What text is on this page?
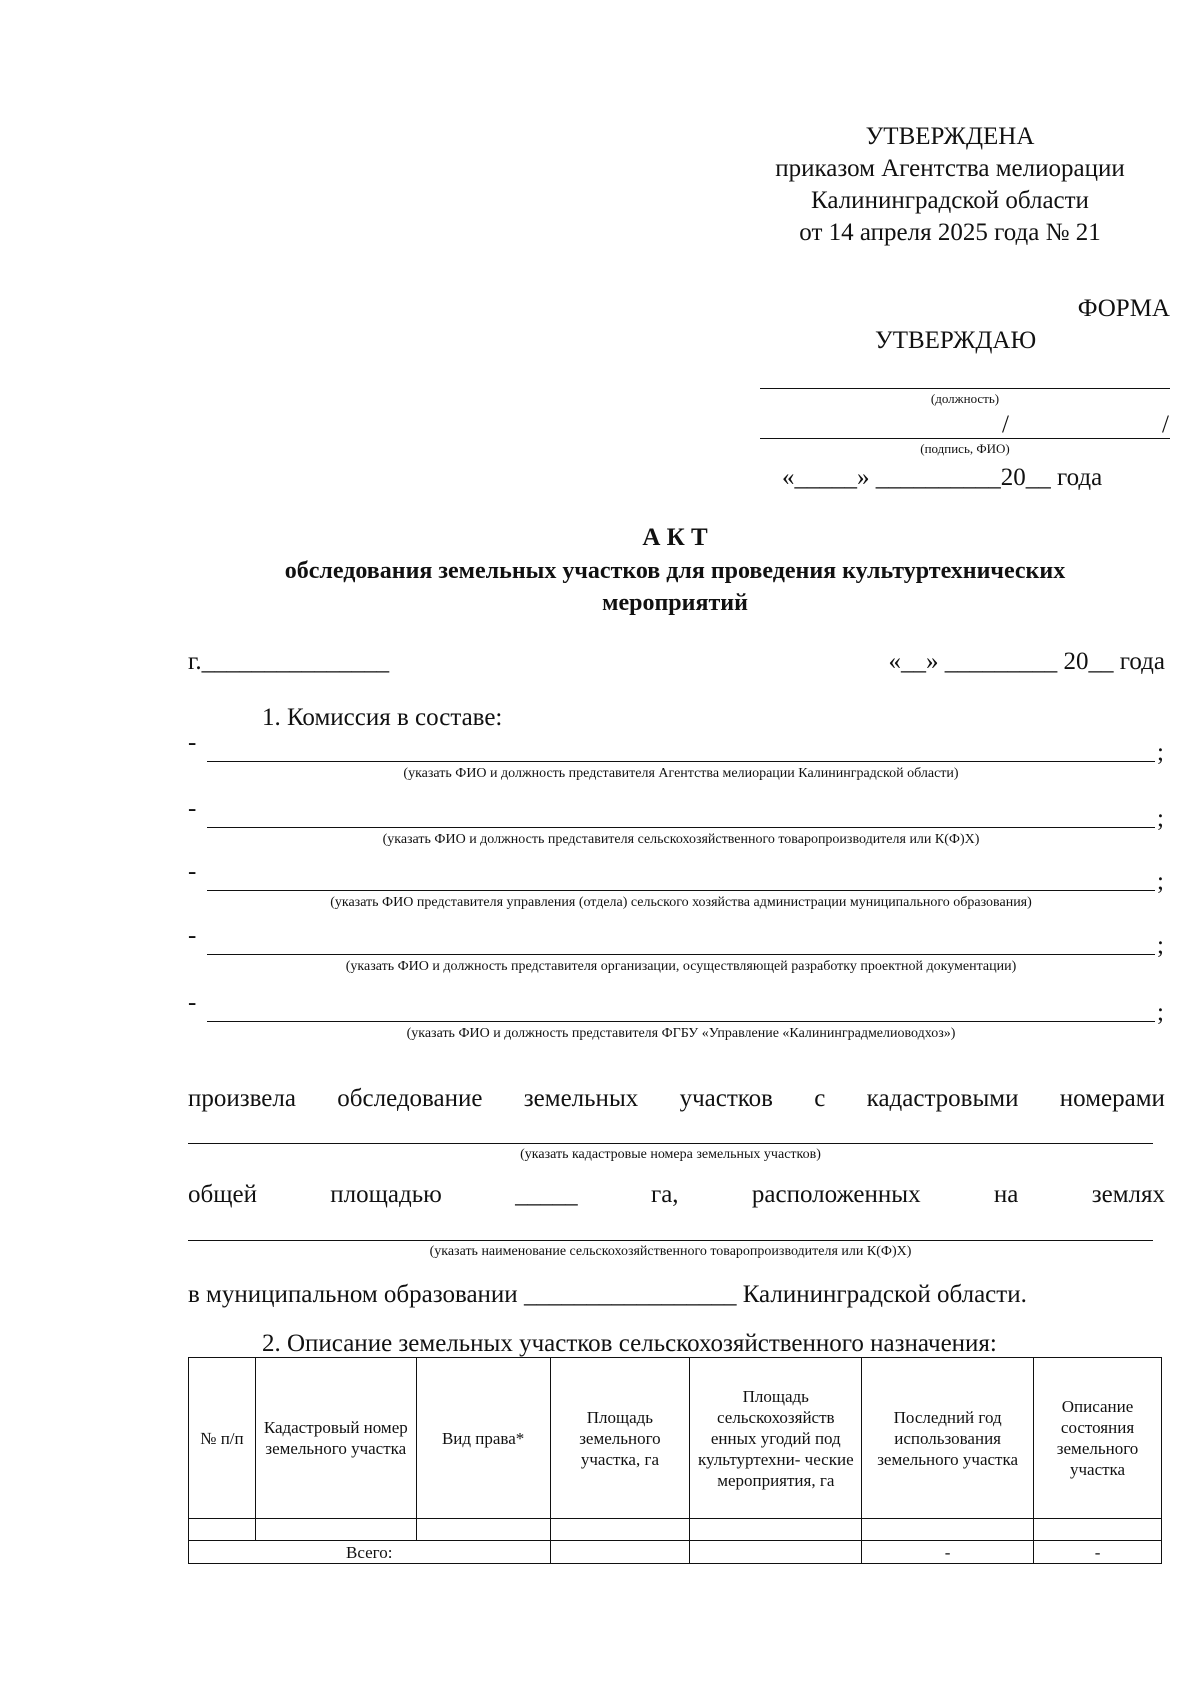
УТВЕРЖДЕНА
приказом Агентства мелиорации
Калининградской области
от 14 апреля 2025 года № 21
ФОРМА
УТВЕРЖДАЮ
(должность)
/	/
(подпись, ФИО)
«_____» __________20__ года
А К Т
обследования земельных участков для проведения культуртехнических
мероприятий
г._______________	«__» _________ 20__ года
1. Комиссия в составе:
-	;
(указать ФИО и должность представителя Агентства мелиорации Калининградской области)
-	;
(указать ФИО и должность представителя сельскохозяйственного товаропроизводителя или К(Ф)Х)
-	;
(указать ФИО представителя управления (отдела) сельского хозяйства администрации муниципального образования)
-	;
(указать ФИО и должность представителя организации, осуществляющей разработку проектной документации)
-	;
(указать ФИО и должность представителя ФГБУ «Управление «Калининградмелиоводхоз»)
произвела обследование земельных участков с кадастровыми номерами
(указать кадастровые номера земельных участков)
общей	площадью	_____	га,	расположенных	на	землях
(указать наименование сельскохозяйственного товаропроизводителя или К(Ф)Х)
в муниципальном образовании _________________ Калининградской области.
2. Описание земельных участков сельскохозяйственного назначения:
№ п/п	Кадастровый номер земельного участка	Вид права*	Площадь земельного участка, га	Площадь сельскохозяйств енных угодий под культуртехни- ческие мероприятия, га	Последний год использования земельного участка	Описание состояния земельного участка

Всего:					-	-
